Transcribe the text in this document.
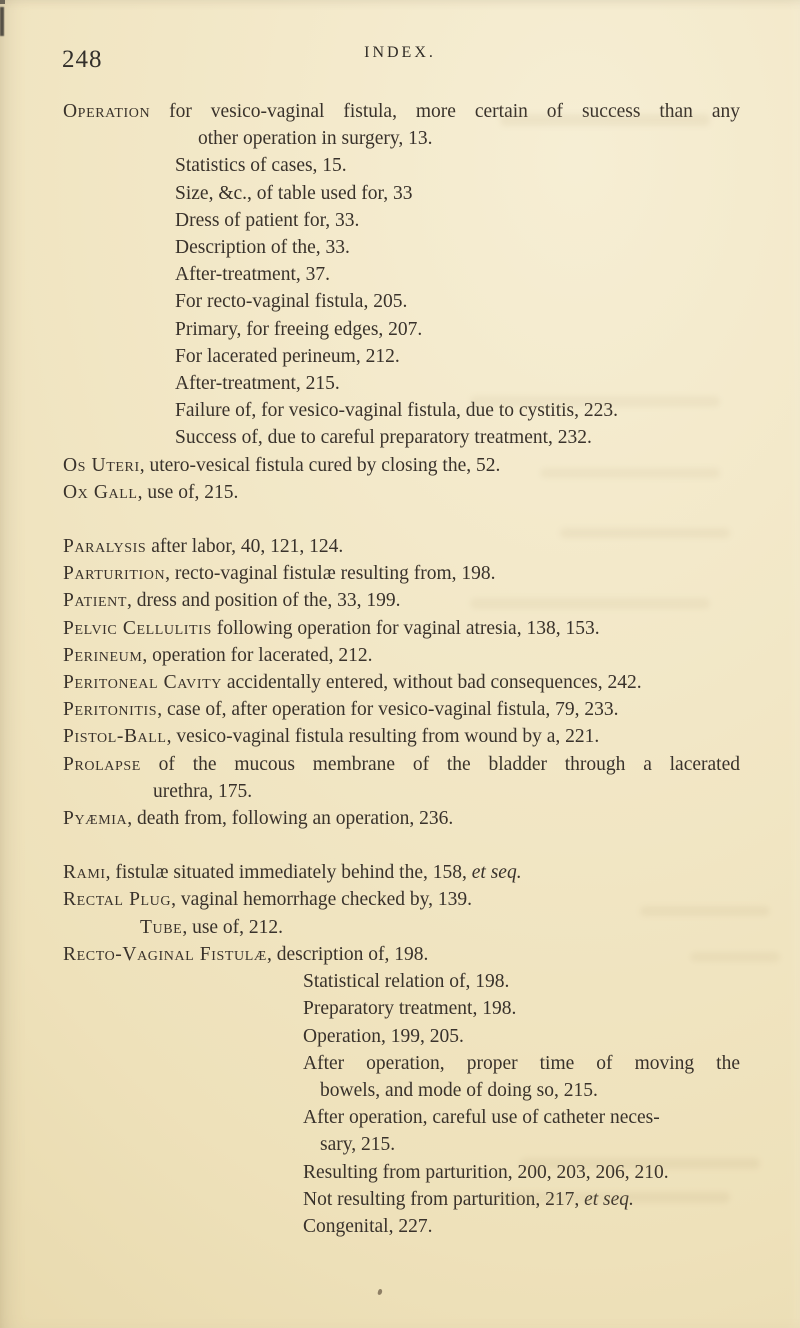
248	INDEX.
Operation for vesico-vaginal fistula, more certain of success than any
other operation in surgery, 13.
Statistics of cases, 15.
Size, &c., of table used for, 33
Dress of patient for, 33.
Description of the, 33.
After-treatment, 37.
For recto-vaginal fistula, 205.
Primary, for freeing edges, 207.
For lacerated perineum, 212.
After-treatment, 215.
Failure of, for vesico-vaginal fistula, due to cystitis, 223.
Success of, due to careful preparatory treatment, 232.
Os Uteri, utero-vesical fistula cured by closing the, 52.
Ox Gall, use of, 215.
Paralysis after labor, 40, 121, 124.
Parturition, recto-vaginal fistulæ resulting from, 198.
Patient, dress and position of the, 33, 199.
Pelvic Cellulitis following operation for vaginal atresia, 138, 153.
Perineum, operation for lacerated, 212.
Peritoneal Cavity accidentally entered, without bad consequences, 242.
Peritonitis, case of, after operation for vesico-vaginal fistula, 79, 233.
Pistol-Ball, vesico-vaginal fistula resulting from wound by a, 221.
Prolapse of the mucous membrane of the bladder through a lacerated
urethra, 175.
Pyæmia, death from, following an operation, 236.
Rami, fistulæ situated immediately behind the, 158, et seq.
Rectal Plug, vaginal hemorrhage checked by, 139.
Tube, use of, 212.
Recto-Vaginal Fistulæ, description of, 198.
Statistical relation of, 198.
Preparatory treatment, 198.
Operation, 199, 205.
After operation, proper time of moving the
bowels, and mode of doing so, 215.
After operation, careful use of catheter neces-
sary, 215.
Resulting from parturition, 200, 203, 206, 210.
Not resulting from parturition, 217, et seq.
Congenital, 227.
